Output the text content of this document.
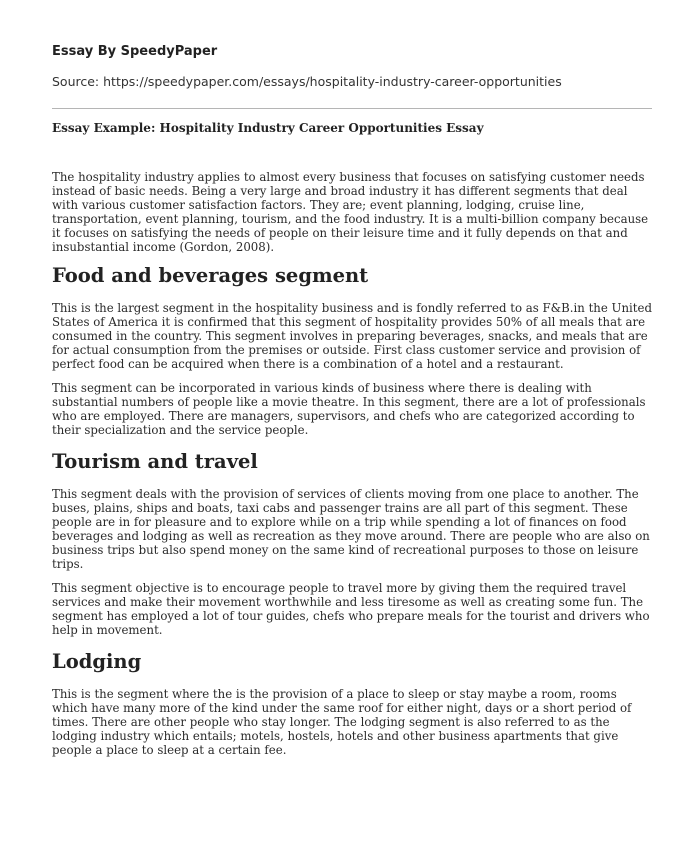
Essay By SpeedyPaper
Source: https://speedypaper.com/essays/hospitality-industry-career-opportunities
Essay Example: Hospitality Industry Career Opportunities Essay

The hospitality industry applies to almost every business that focuses on satisfying customer needs instead of basic needs. Being a very large and broad industry it has different segments that deal with various customer satisfaction factors. They are; event planning, lodging, cruise line, transportation, event planning, tourism, and the food industry. It is a multi-billion company because it focuses on satisfying the needs of people on their leisure time and it fully depends on that and insubstantial income (Gordon, 2008).

Food and beverages segment

This is the largest segment in the hospitality business and is fondly referred to as F&B.in the United States of America it is confirmed that this segment of hospitality provides 50% of all meals that are consumed in the country. This segment involves in preparing beverages, snacks, and meals that are for actual consumption from the premises or outside. First class customer service and provision of perfect food can be acquired when there is a combination of a hotel and a restaurant.

This segment can be incorporated in various kinds of business where there is dealing with substantial numbers of people like a movie theatre. In this segment, there are a lot of professionals who are employed. There are managers, supervisors, and chefs who are categorized according to their specialization and the service people.

Tourism and travel

This segment deals with the provision of services of clients moving from one place to another. The buses, plains, ships and boats, taxi cabs and passenger trains are all part of this segment. These people are in for pleasure and to explore while on a trip while spending a lot of finances on food beverages and lodging as well as recreation as they move around. There are people who are also on business trips but also spend money on the same kind of recreational purposes to those on leisure trips.

This segment objective is to encourage people to travel more by giving them the required travel services and make their movement worthwhile and less tiresome as well as creating some fun. The segment has employed a lot of tour guides, chefs who prepare meals for the tourist and drivers who help in movement.

Lodging

This is the segment where the is the provision of a place to sleep or stay maybe a room, rooms which have many more of the kind under the same roof for either night, days or a short period of times. There are other people who stay longer. The lodging segment is also referred to as the lodging industry which entails; motels, hostels, hotels and other business apartments that give people a place to sleep at a certain fee.
